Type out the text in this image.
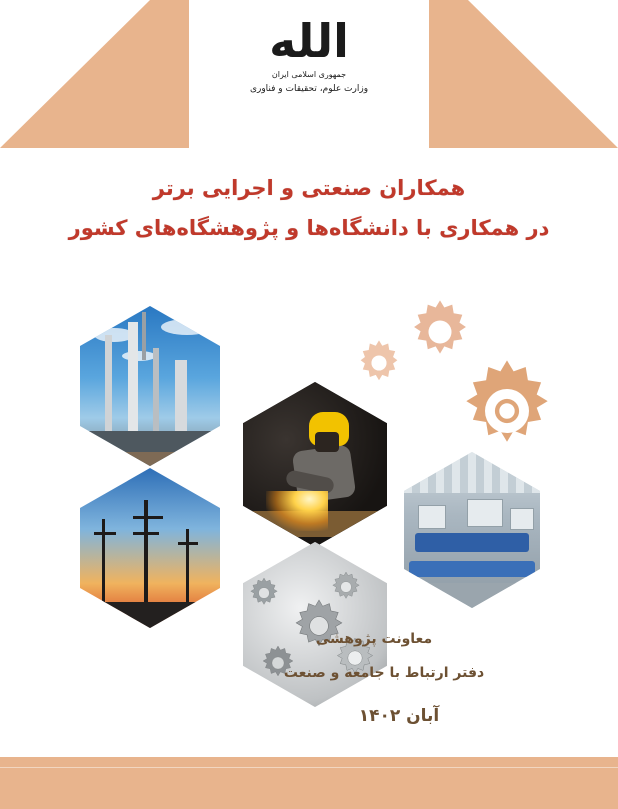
الله
جمهوری اسلامی ایران
وزارت علوم، تحقیقات و فناوری
همکاران صنعتی و اجرایی برتر
در همکاری با دانشگاه‌ها و پژوهشگاه‌های کشور
معاونت پژوهشی
دفتر ارتباط با جامعه و صنعت
آبان ۱۴۰۲
